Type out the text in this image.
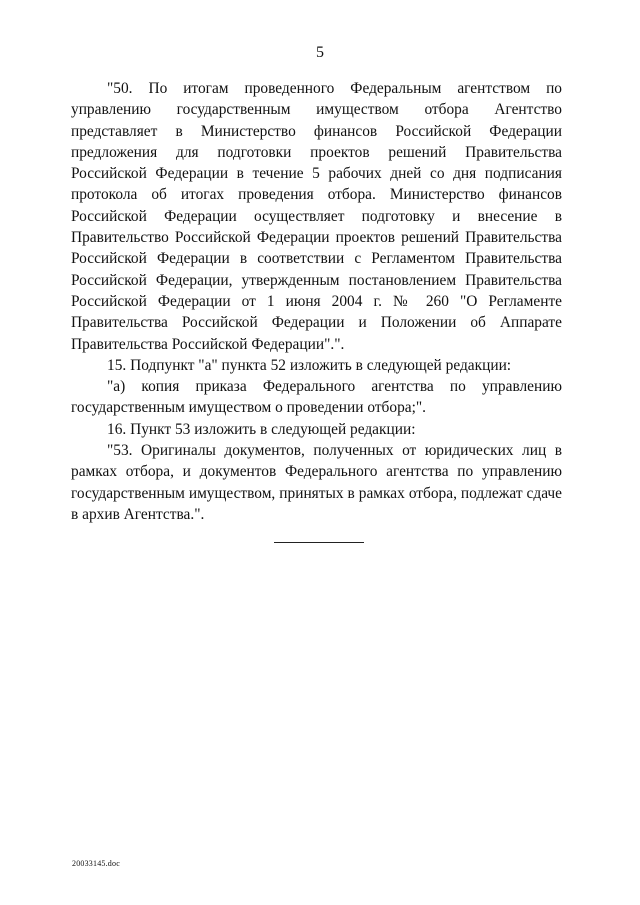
5

"50. По итогам проведенного Федеральным агентством по управлению государственным имуществом отбора Агентство представляет в Министерство финансов Российской Федерации предложения для подготовки проектов решений Правительства Российской Федерации в течение 5 рабочих дней со дня подписания протокола об итогах проведения отбора. Министерство финансов Российской Федерации осуществляет подготовку и внесение в Правительство Российской Федерации проектов решений Правительства Российской Федерации в соответствии с Регламентом Правительства Российской Федерации, утвержденным постановлением Правительства Российской Федерации от 1 июня 2004 г. № 260 "О Регламенте Правительства Российской Федерации и Положении об Аппарате Правительства Российской Федерации".".

15. Подпункт "а" пункта 52 изложить в следующей редакции:

"а) копия приказа Федерального агентства по управлению государственным имуществом о проведении отбора;".

16. Пункт 53 изложить в следующей редакции:

"53. Оригиналы документов, полученных от юридических лиц в рамках отбора, и документов Федерального агентства по управлению государственным имуществом, принятых в рамках отбора, подлежат сдаче в архив Агентства.".

20033145.doc
